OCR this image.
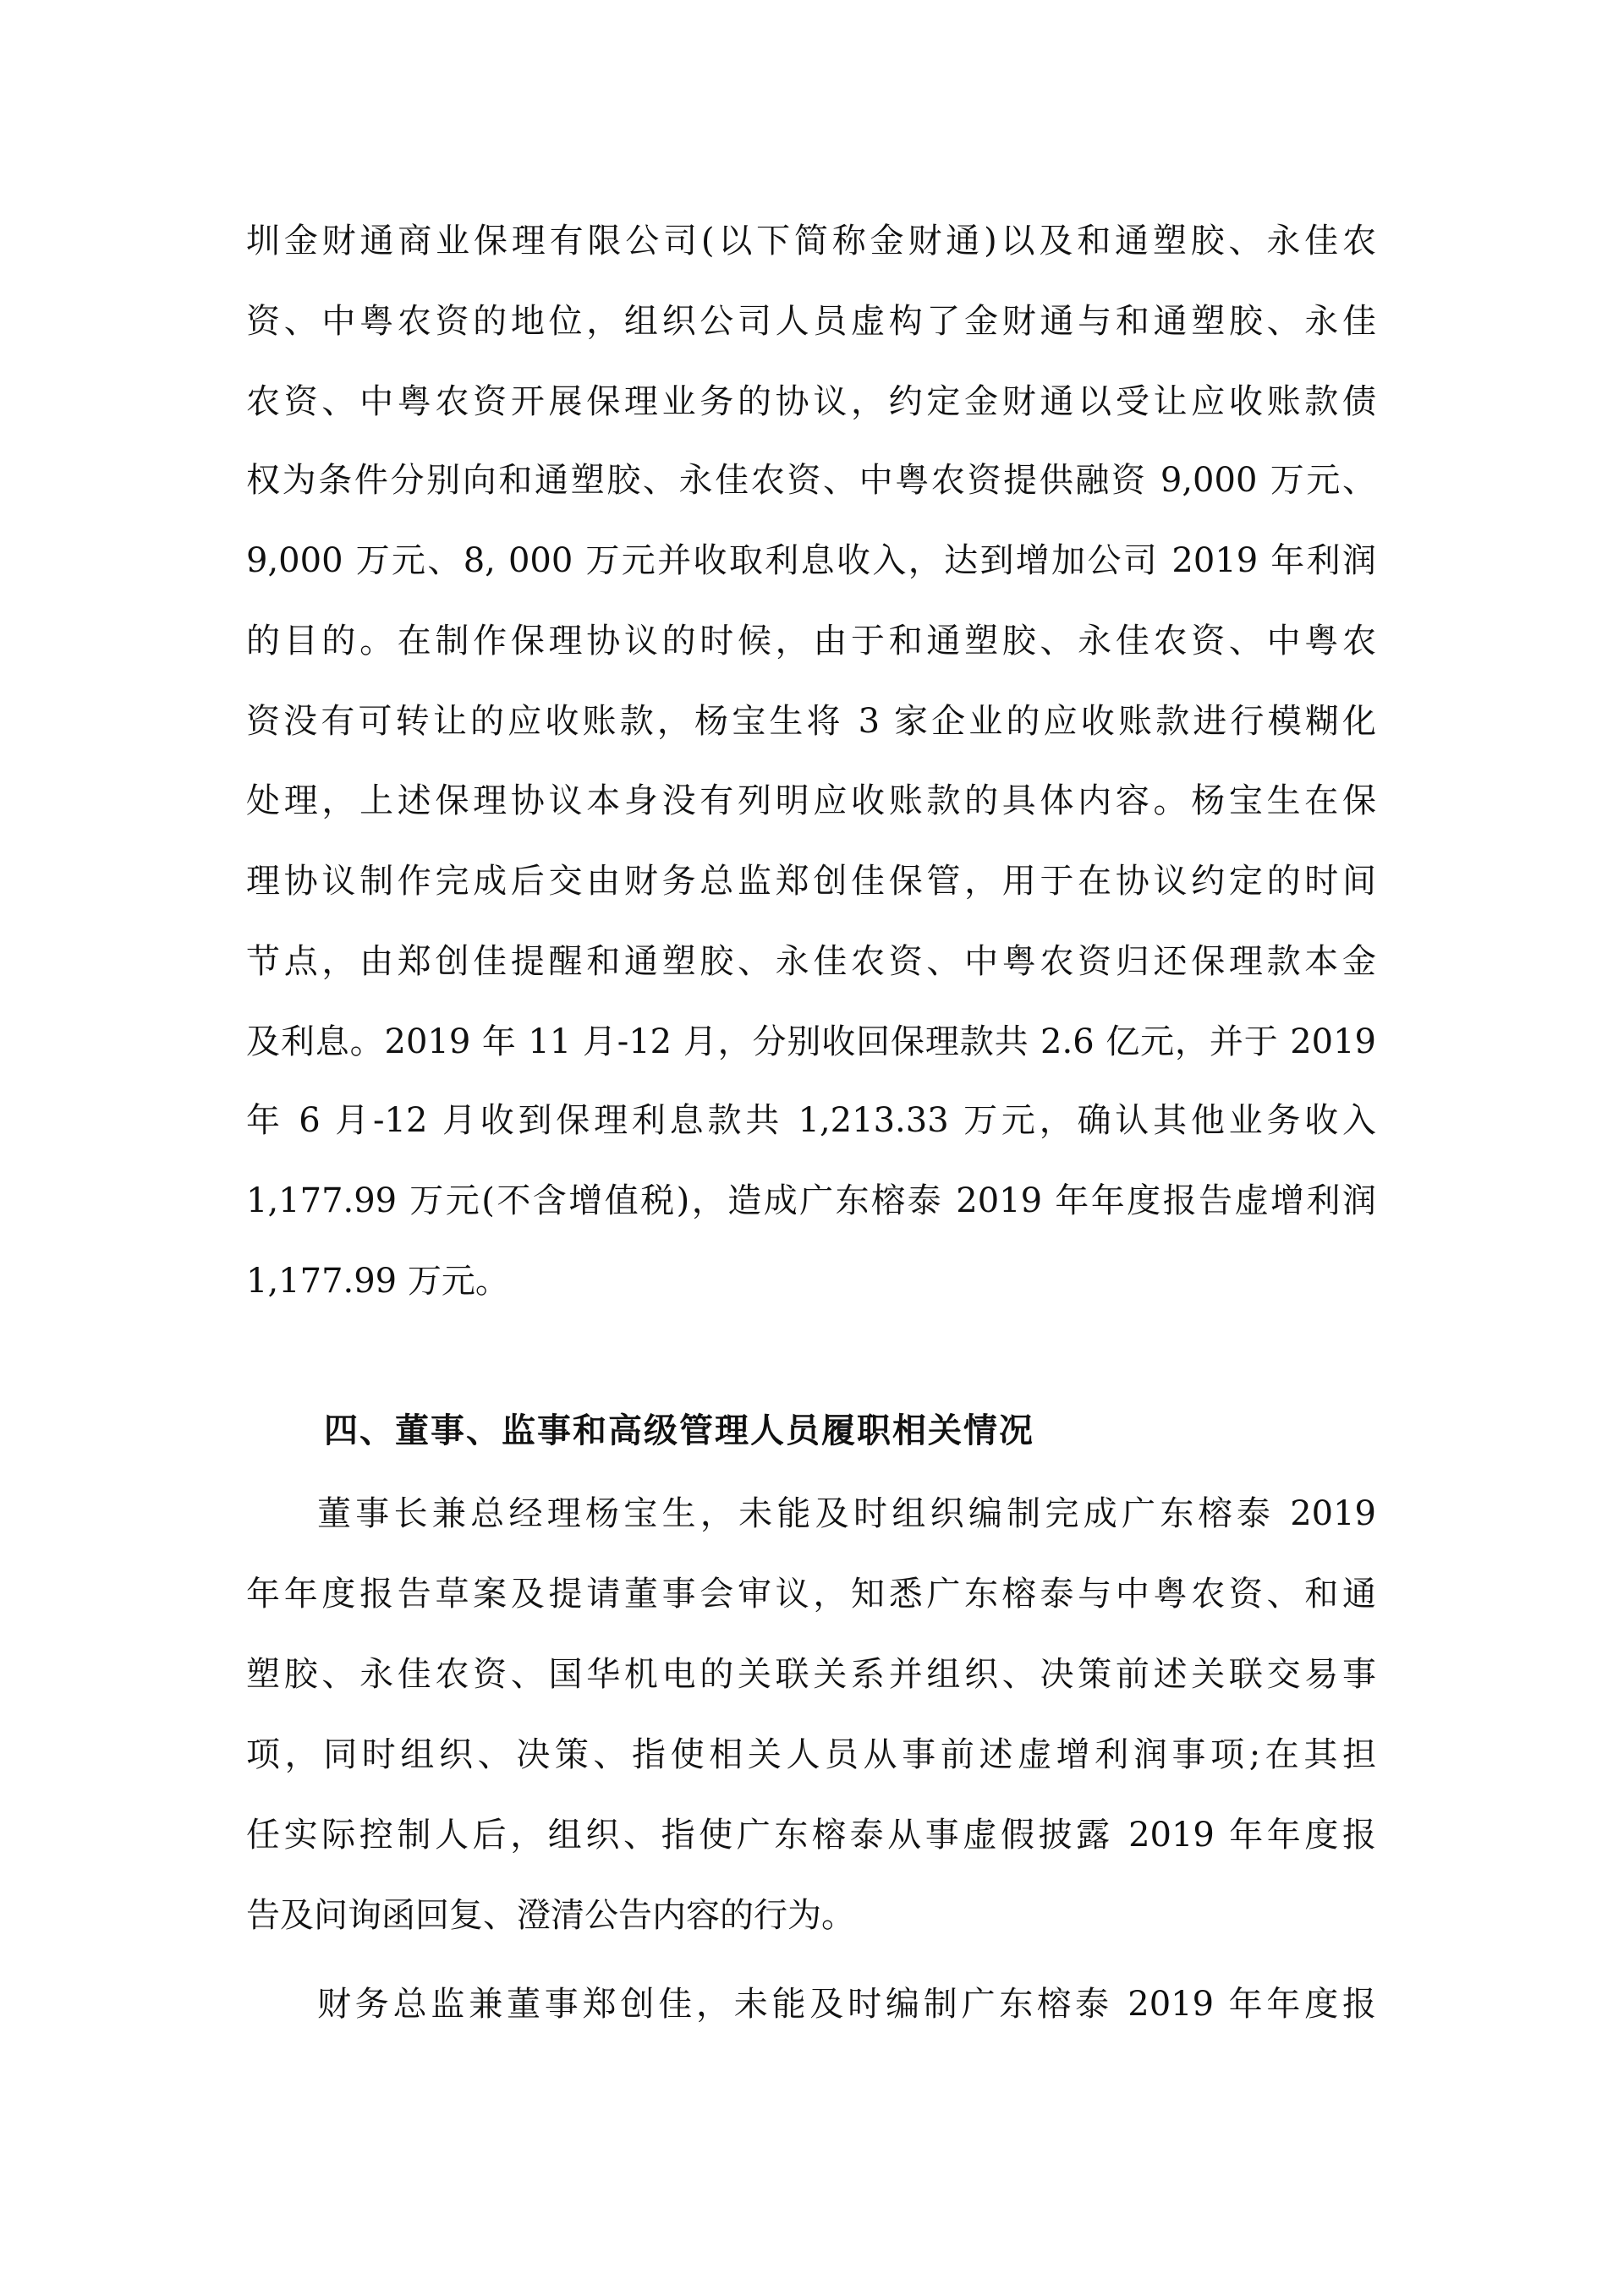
圳金财通商业保理有限公司(以下简称金财通)以及和通塑胶、永佳农
资、中粤农资的地位，组织公司人员虚构了金财通与和通塑胶、永佳
农资、中粤农资开展保理业务的协议，约定金财通以受让应收账款债
权为条件分别向和通塑胶、永佳农资、中粤农资提供融资 9,000 万元、
9,000 万元、8, 000 万元并收取利息收入，达到增加公司 2019 年利润
的目的。在制作保理协议的时候，由于和通塑胶、永佳农资、中粤农
资没有可转让的应收账款，杨宝生将 3 家企业的应收账款进行模糊化
处理，上述保理协议本身没有列明应收账款的具体内容。杨宝生在保
理协议制作完成后交由财务总监郑创佳保管，用于在协议约定的时间
节点，由郑创佳提醒和通塑胶、永佳农资、中粤农资归还保理款本金
及利息。2019 年 11 月-12 月，分别收回保理款共 2.6 亿元，并于 2019
年 6 月-12 月收到保理利息款共 1,213.33 万元，确认其他业务收入
1,177.99 万元(不含增值税)，造成广东榕泰 2019 年年度报告虚增利润
1,177.99 万元。
四、董事、监事和高级管理人员履职相关情况
董事长兼总经理杨宝生，未能及时组织编制完成广东榕泰 2019
年年度报告草案及提请董事会审议，知悉广东榕泰与中粤农资、和通
塑胶、永佳农资、国华机电的关联关系并组织、决策前述关联交易事
项，同时组织、决策、指使相关人员从事前述虚增利润事项;在其担
任实际控制人后，组织、指使广东榕泰从事虚假披露 2019 年年度报
告及问询函回复、澄清公告内容的行为。
财务总监兼董事郑创佳，未能及时编制广东榕泰 2019 年年度报
